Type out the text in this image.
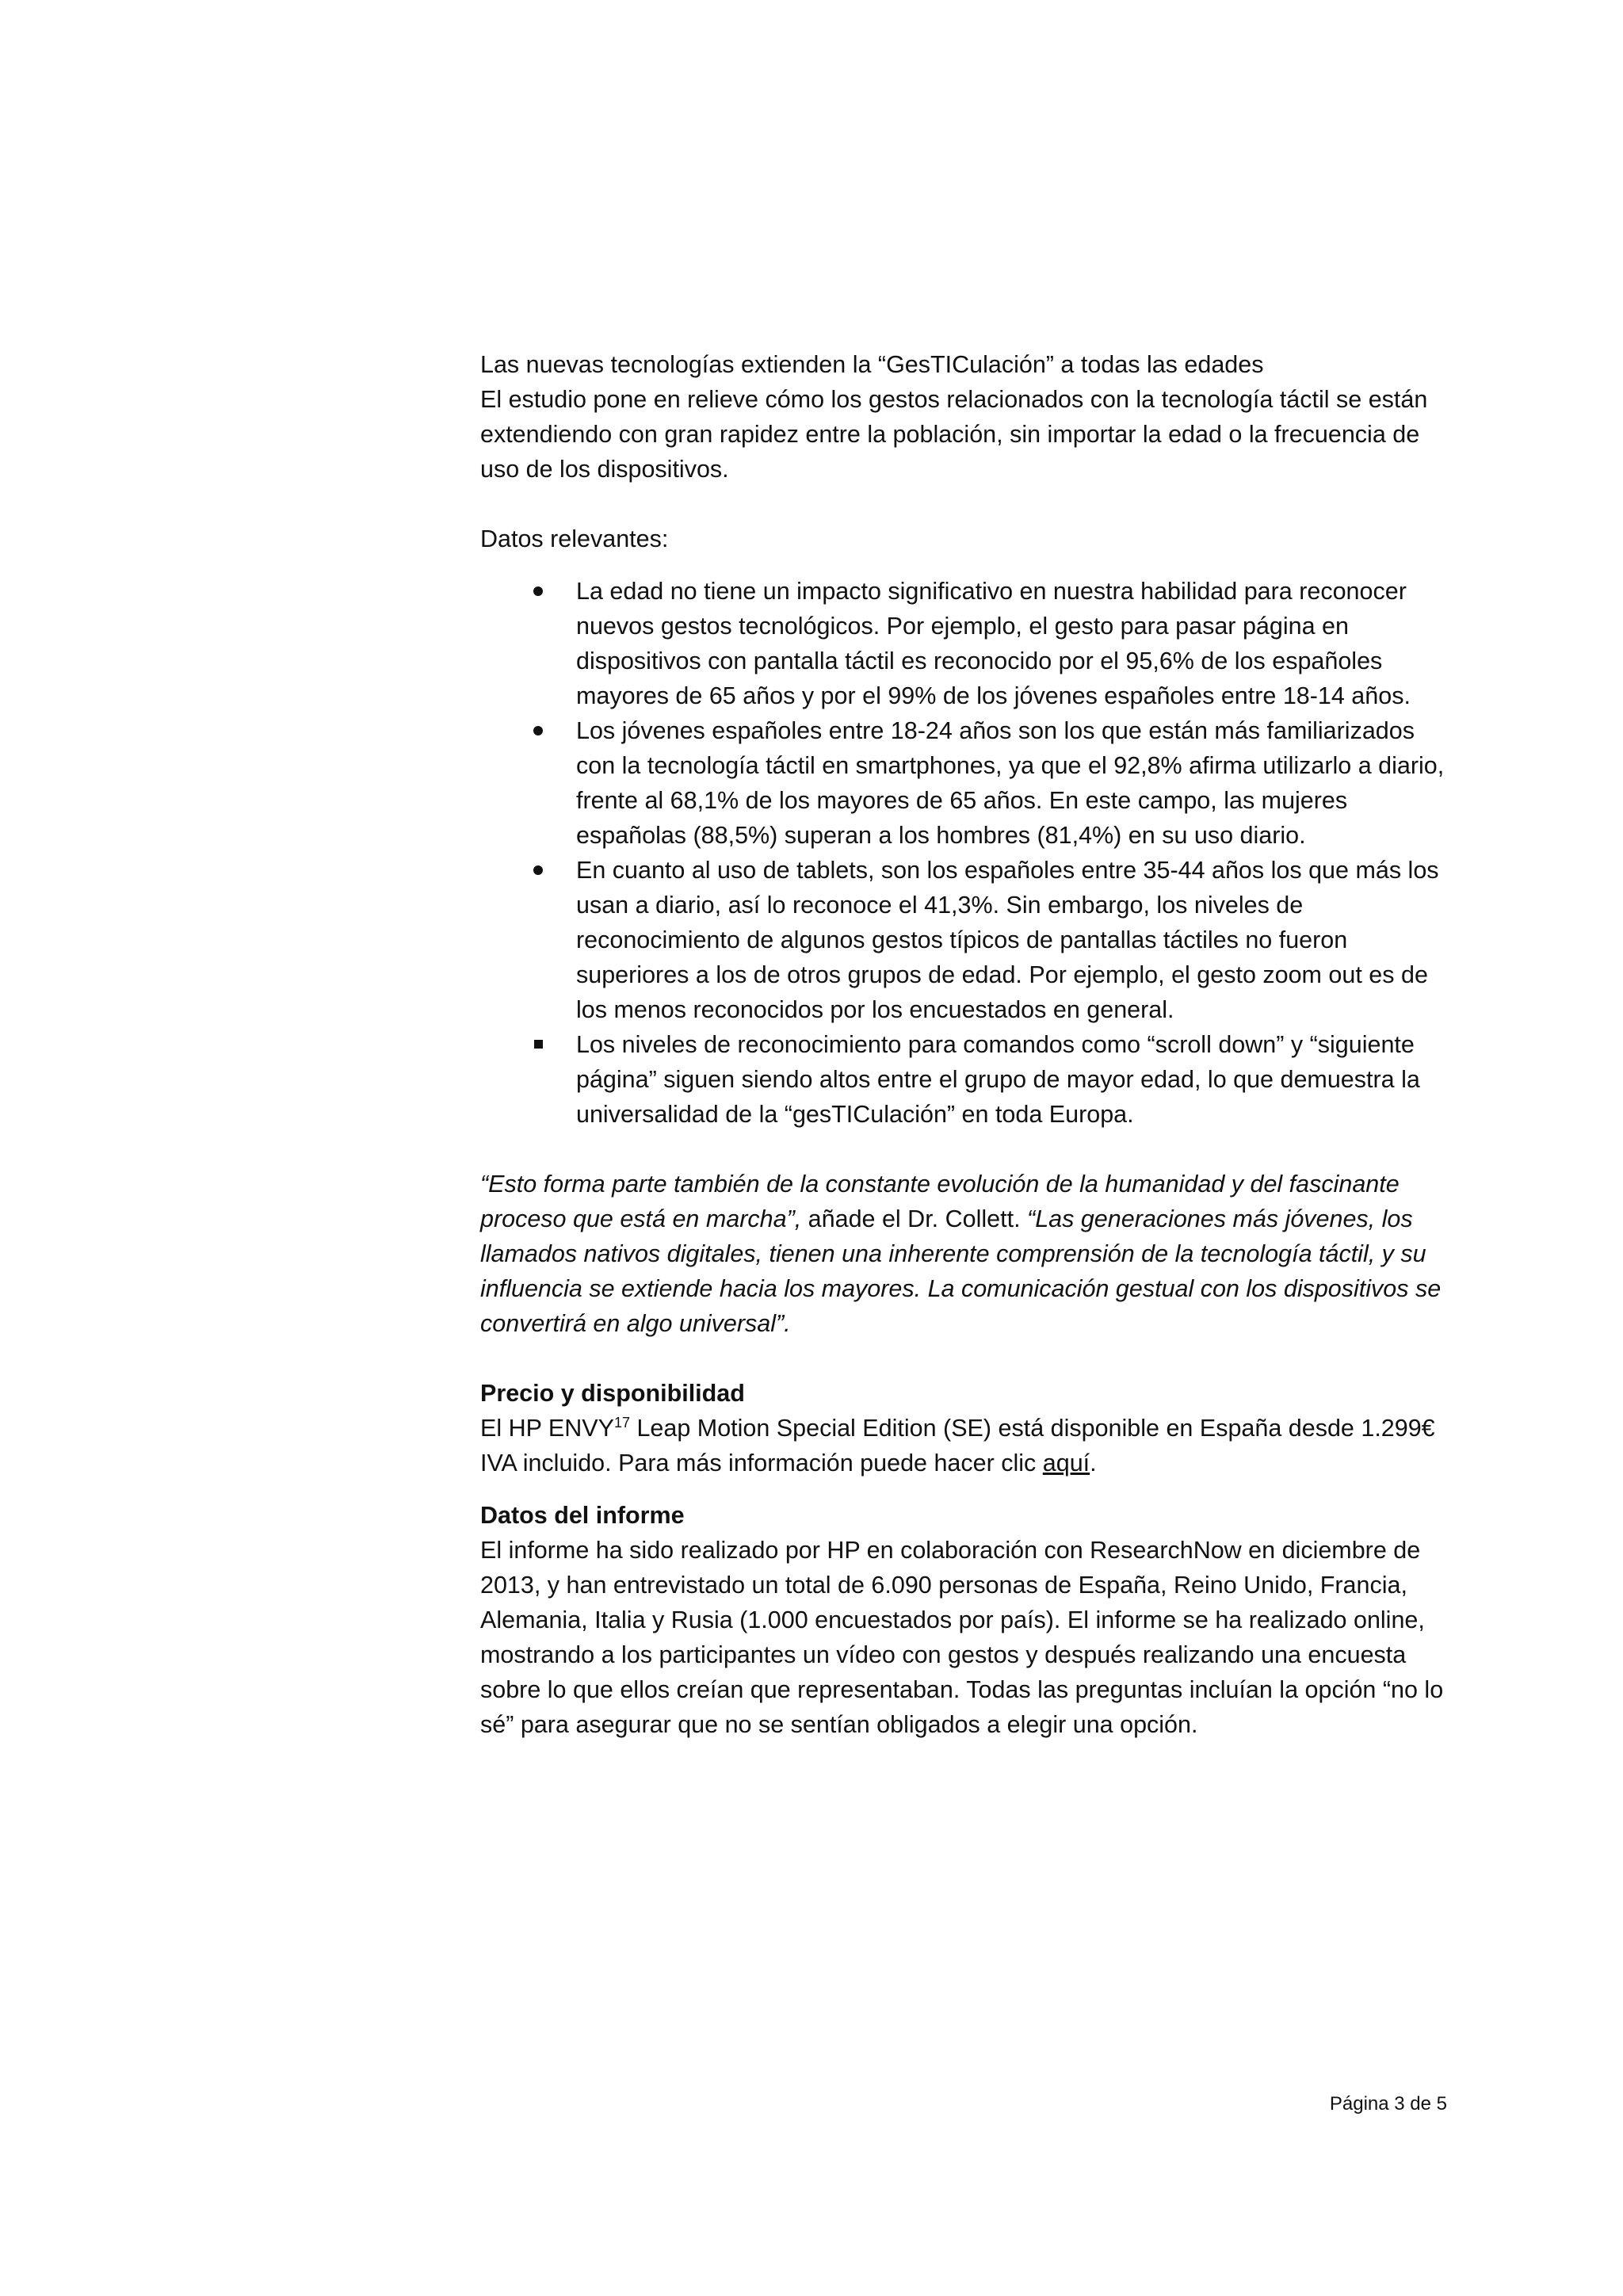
Las nuevas tecnologías extienden la “GesTICulación” a todas las edades

El estudio pone en relieve cómo los gestos relacionados con la tecnología táctil se están extendiendo con gran rapidez entre la población, sin importar la edad o la frecuencia de uso de los dispositivos.

Datos relevantes:

La edad no tiene un impacto significativo en nuestra habilidad para reconocer nuevos gestos tecnológicos. Por ejemplo, el gesto para pasar página en dispositivos con pantalla táctil es reconocido por el 95,6% de los españoles mayores de 65 años y por el 99% de los jóvenes españoles entre 18-14 años.
Los jóvenes españoles entre 18-24 años son los que están más familiarizados con la tecnología táctil en smartphones, ya que el 92,8% afirma utilizarlo a diario, frente al 68,1% de los mayores de 65 años. En este campo, las mujeres españolas (88,5%) superan a los hombres (81,4%) en su uso diario.
En cuanto al uso de tablets, son los españoles entre 35-44 años los que más los usan a diario, así lo reconoce el 41,3%. Sin embargo, los niveles de reconocimiento de algunos gestos típicos de pantallas táctiles no fueron superiores a los de otros grupos de edad. Por ejemplo, el gesto zoom out es de los menos reconocidos por los encuestados en general.
Los niveles de reconocimiento para comandos como “scroll down” y “siguiente página” siguen siendo altos entre el grupo de mayor edad, lo que demuestra la universalidad de la “gesTICulación” en toda Europa.

“Esto forma parte también de la constante evolución de la humanidad y del fascinante proceso que está en marcha”, añade el Dr. Collett. “Las generaciones más jóvenes, los llamados nativos digitales, tienen una inherente comprensión de la tecnología táctil, y su influencia se extiende hacia los mayores. La comunicación gestual con los dispositivos se convertirá en algo universal”.

Precio y disponibilidad

El HP ENVY$^{17}$ Leap Motion Special Edition (SE) está disponible en España desde 1.299€ IVA incluido. Para más información puede hacer clic aquí.

Datos del informe

El informe ha sido realizado por HP en colaboración con ResearchNow en diciembre de 2013, y han entrevistado un total de 6.090 personas de España, Reino Unido, Francia, Alemania, Italia y Rusia (1.000 encuestados por país). El informe se ha realizado online, mostrando a los participantes un vídeo con gestos y después realizando una encuesta sobre lo que ellos creían que representaban. Todas las preguntas incluían la opción “no lo sé” para asegurar que no se sentían obligados a elegir una opción.

Página 3 de 5
